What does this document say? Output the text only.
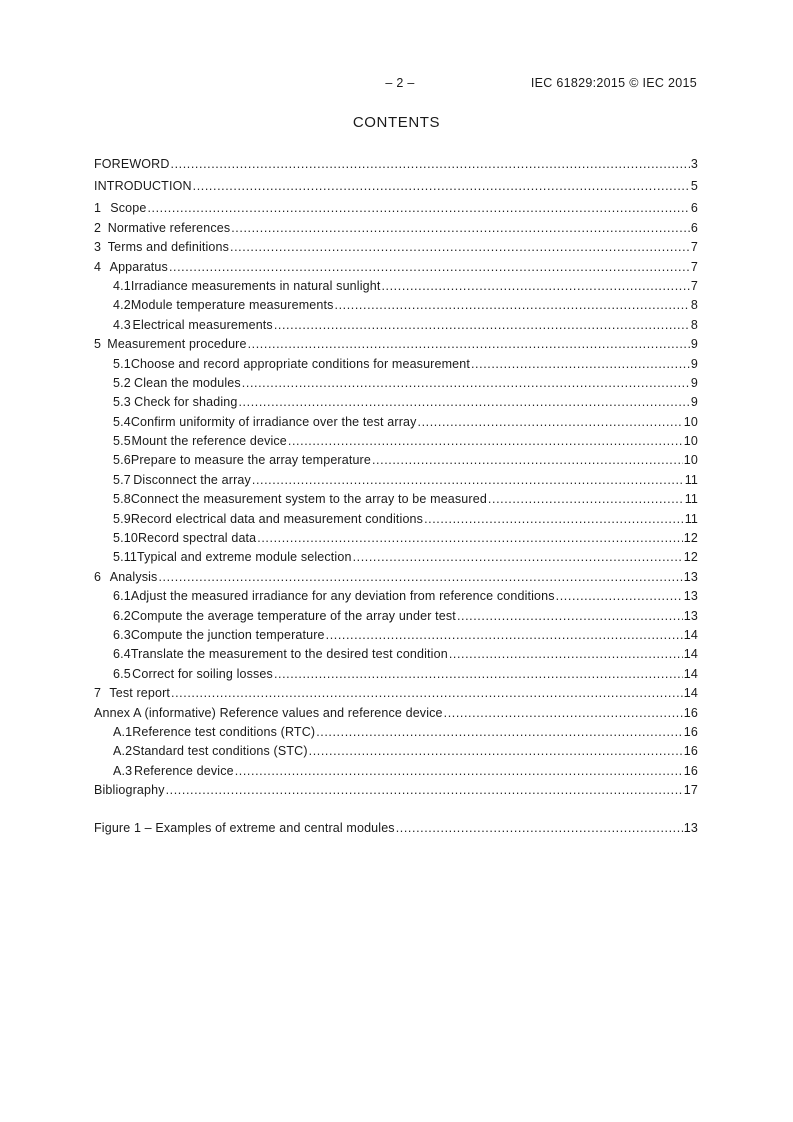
– 2 –	IEC 61829:2015 © IEC 2015
CONTENTS
FOREWORD .....	3
INTRODUCTION .....	5
1 Scope .....	6
2 Normative references .....	6
3 Terms and definitions .....	7
4 Apparatus .....	7
4.1 Irradiance measurements in natural sunlight .....	7
4.2 Module temperature measurements .....	8
4.3 Electrical measurements .....	8
5 Measurement procedure .....	9
5.1 Choose and record appropriate conditions for measurement .....	9
5.2 Clean the modules .....	9
5.3 Check for shading .....	9
5.4 Confirm uniformity of irradiance over the test array .....	10
5.5 Mount the reference device .....	10
5.6 Prepare to measure the array temperature .....	10
5.7 Disconnect the array .....	11
5.8 Connect the measurement system to the array to be measured .....	11
5.9 Record electrical data and measurement conditions .....	11
5.10 Record spectral data .....	12
5.11 Typical and extreme module selection .....	12
6 Analysis .....	13
6.1 Adjust the measured irradiance for any deviation from reference conditions .....	13
6.2 Compute the average temperature of the array under test .....	13
6.3 Compute the junction temperature .....	14
6.4 Translate the measurement to the desired test condition .....	14
6.5 Correct for soiling losses .....	14
7 Test report .....	14
Annex A (informative) Reference values and reference device .....	16
A.1 Reference test conditions (RTC) .....	16
A.2 Standard test conditions (STC) .....	16
A.3 Reference device .....	16
Bibliography .....	17
Figure 1 – Examples of extreme and central modules .....	13
